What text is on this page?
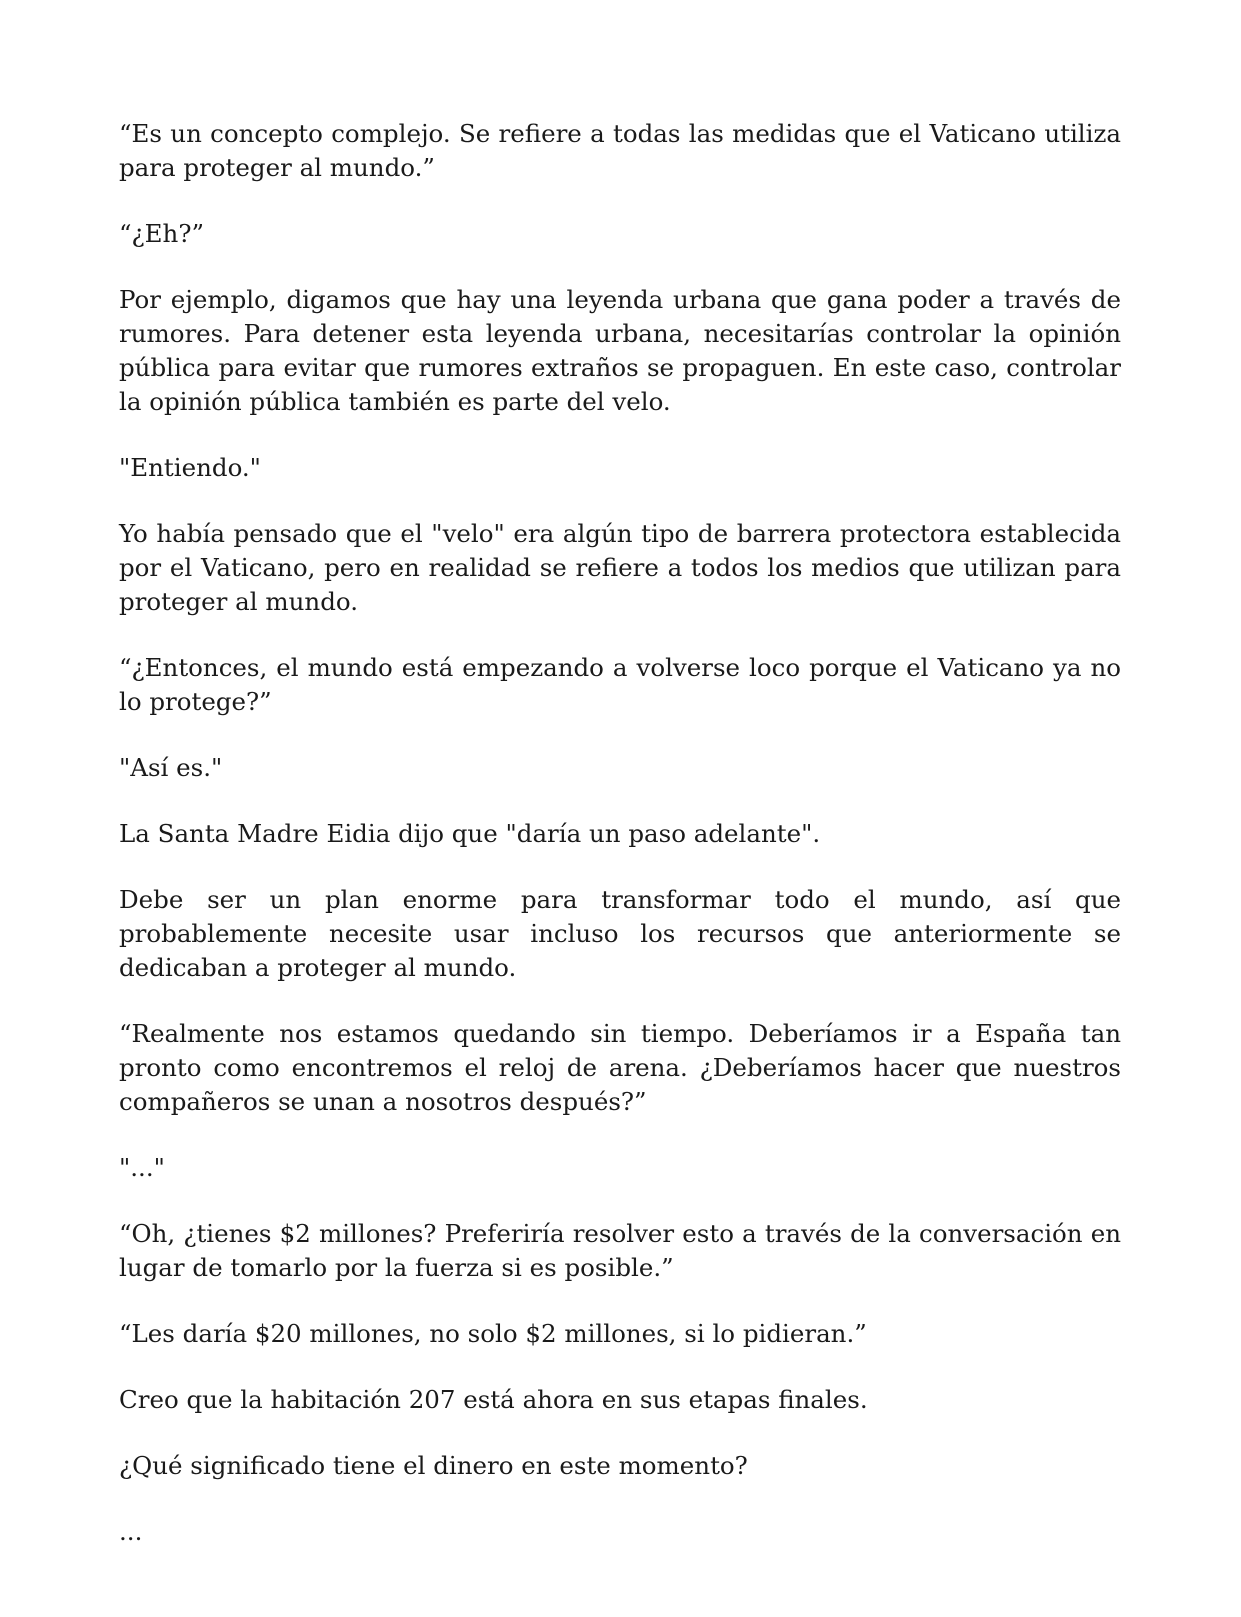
“Es un concepto complejo. Se refiere a todas las medidas que el Vaticano utiliza para proteger al mundo.”

“¿Eh?”

Por ejemplo, digamos que hay una leyenda urbana que gana poder a través de rumores. Para detener esta leyenda urbana, necesitarías controlar la opinión pública para evitar que rumores extraños se propaguen. En este caso, controlar la opinión pública también es parte del velo.

"Entiendo."

Yo había pensado que el "velo" era algún tipo de barrera protectora establecida por el Vaticano, pero en realidad se refiere a todos los medios que utilizan para proteger al mundo.

“¿Entonces, el mundo está empezando a volverse loco porque el Vaticano ya no lo protege?”

"Así es."

La Santa Madre Eidia dijo que "daría un paso adelante".

Debe ser un plan enorme para transformar todo el mundo, así que probablemente necesite usar incluso los recursos que anteriormente se dedicaban a proteger al mundo.

“Realmente nos estamos quedando sin tiempo. Deberíamos ir a España tan pronto como encontremos el reloj de arena. ¿Deberíamos hacer que nuestros compañeros se unan a nosotros después?”

"..."

“Oh, ¿tienes $2 millones? Preferiría resolver esto a través de la conversación en lugar de tomarlo por la fuerza si es posible.”

“Les daría $20 millones, no solo $2 millones, si lo pidieran.”

Creo que la habitación 207 está ahora en sus etapas finales.

¿Qué significado tiene el dinero en este momento?

...
